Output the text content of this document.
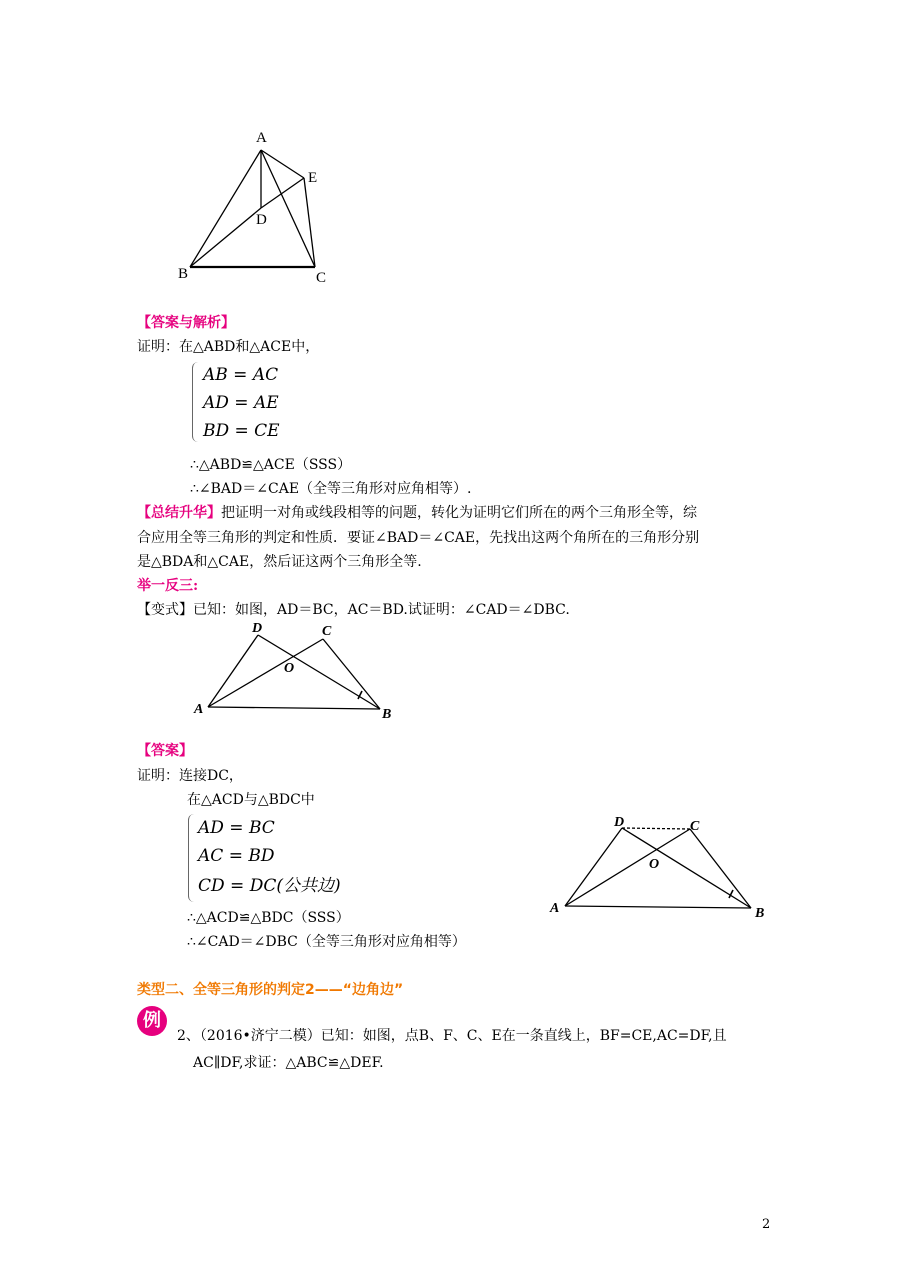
A
E
D
B	C
【答案与解析】
证明：在△ABD和△ACE中，
AB = AC
AD = AE
BD = CE
∴△ABD≌△ACE（SSS）
∴∠BAD＝∠CAE（全等三角形对应角相等）.
【总结升华】把证明一对角或线段相等的问题，转化为证明它们所在的两个三角形全等，综
合应用全等三角形的判定和性质．要证∠BAD＝∠CAE，先找出这两个角所在的三角形分别
是△BDA和△CAE，然后证这两个三角形全等.
举一反三:
【变式】已知：如图，AD＝BC，AC＝BD.试证明：∠CAD＝∠DBC.
D	C
O
A	B
【答案】
证明：连接DC，
在△ACD与△BDC中
AD = BC
AC = BD
CD = DC(公共边)
∴△ACD≌△BDC（SSS）
∴∠CAD＝∠DBC（全等三角形对应角相等）
D	C
O
A	B
类型二、全等三角形的判定2——“边角边”
例
2、（2016•济宁二模）已知：如图，点B、F、C、E在一条直线上，BF=CE,AC=DF,且
AC∥DF,求证：△ABC≌△DEF.
2
